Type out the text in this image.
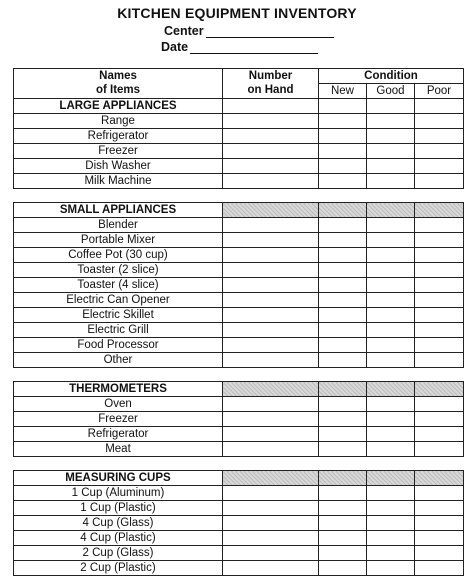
KITCHEN EQUIPMENT INVENTORY
Center
Date
Names	Number	Condition		
of Items	on Hand	New	Good	Poor
LARGE APPLIANCES				
Range				
Refrigerator				
Freezer				
Dish Washer				
Milk Machine				

SMALL APPLIANCES				
Blender				
Portable Mixer				
Coffee Pot (30 cup)				
Toaster (2 slice)				
Toaster (4 slice)				
Electric Can Opener				
Electric Skillet				
Electric Grill				
Food Processor				
Other				

THERMOMETERS				
Oven				
Freezer				
Refrigerator				
Meat				

MEASURING CUPS				
1 Cup (Aluminum)				
1 Cup (Plastic)				
4 Cup (Glass)				
4 Cup (Plastic)				
2 Cup (Glass)				
2 Cup (Plastic)				
